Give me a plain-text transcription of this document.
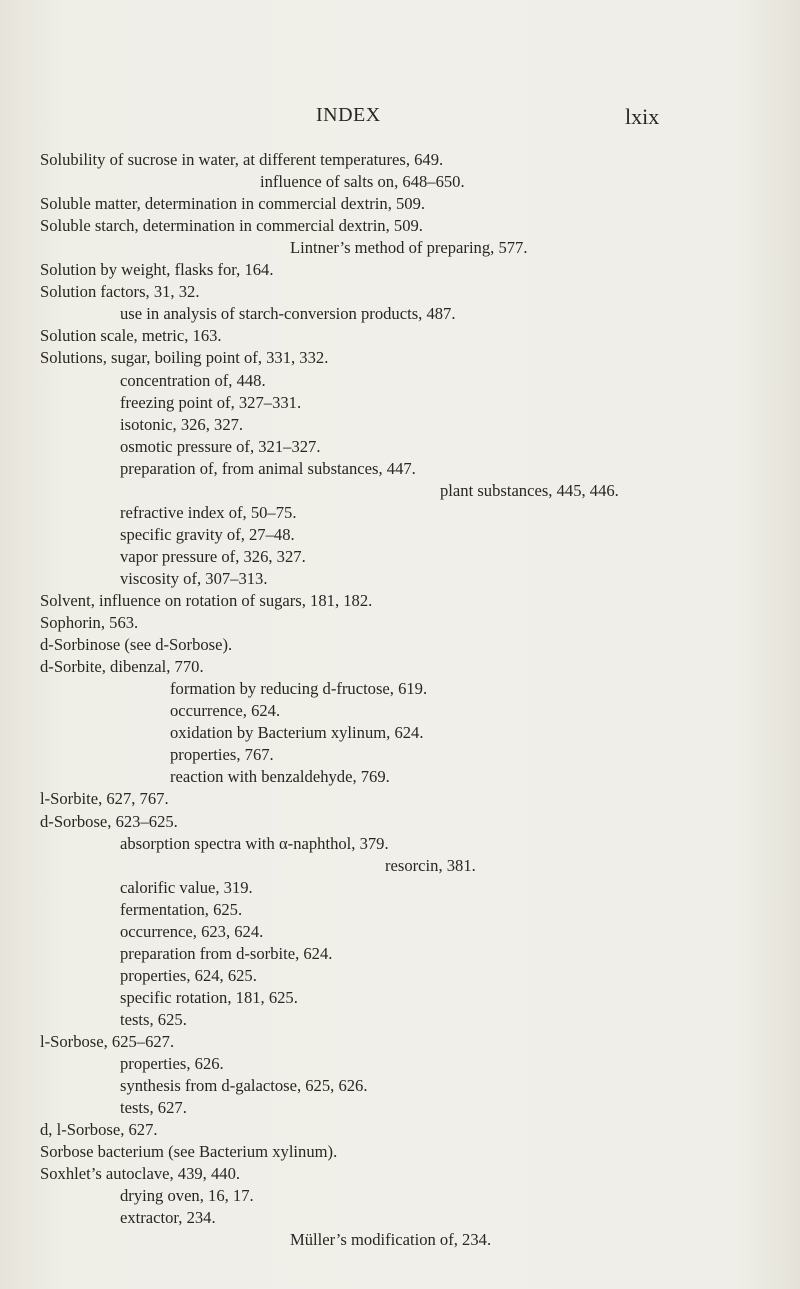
INDEX	lxix
Solubility of sucrose in water, at different temperatures, 649.
influence of salts on, 648–650.
Soluble matter, determination in commercial dextrin, 509.
Soluble starch, determination in commercial dextrin, 509.
Lintner’s method of preparing, 577.
Solution by weight, flasks for, 164.
Solution factors, 31, 32.
use in analysis of starch-conversion products, 487.
Solution scale, metric, 163.
Solutions, sugar, boiling point of, 331, 332.
concentration of, 448.
freezing point of, 327–331.
isotonic, 326, 327.
osmotic pressure of, 321–327.
preparation of, from animal substances, 447.
plant substances, 445, 446.
refractive index of, 50–75.
specific gravity of, 27–48.
vapor pressure of, 326, 327.
viscosity of, 307–313.
Solvent, influence on rotation of sugars, 181, 182.
Sophorin, 563.
d-Sorbinose (see d-Sorbose).
d-Sorbite, dibenzal, 770.
formation by reducing d-fructose, 619.
occurrence, 624.
oxidation by Bacterium xylinum, 624.
properties, 767.
reaction with benzaldehyde, 769.
l-Sorbite, 627, 767.
d-Sorbose, 623–625.
absorption spectra with α-naphthol, 379.
resorcin, 381.
calorific value, 319.
fermentation, 625.
occurrence, 623, 624.
preparation from d-sorbite, 624.
properties, 624, 625.
specific rotation, 181, 625.
tests, 625.
l-Sorbose, 625–627.
properties, 626.
synthesis from d-galactose, 625, 626.
tests, 627.
d, l-Sorbose, 627.
Sorbose bacterium (see Bacterium xylinum).
Soxhlet’s autoclave, 439, 440.
drying oven, 16, 17.
extractor, 234.
Müller’s modification of, 234.
